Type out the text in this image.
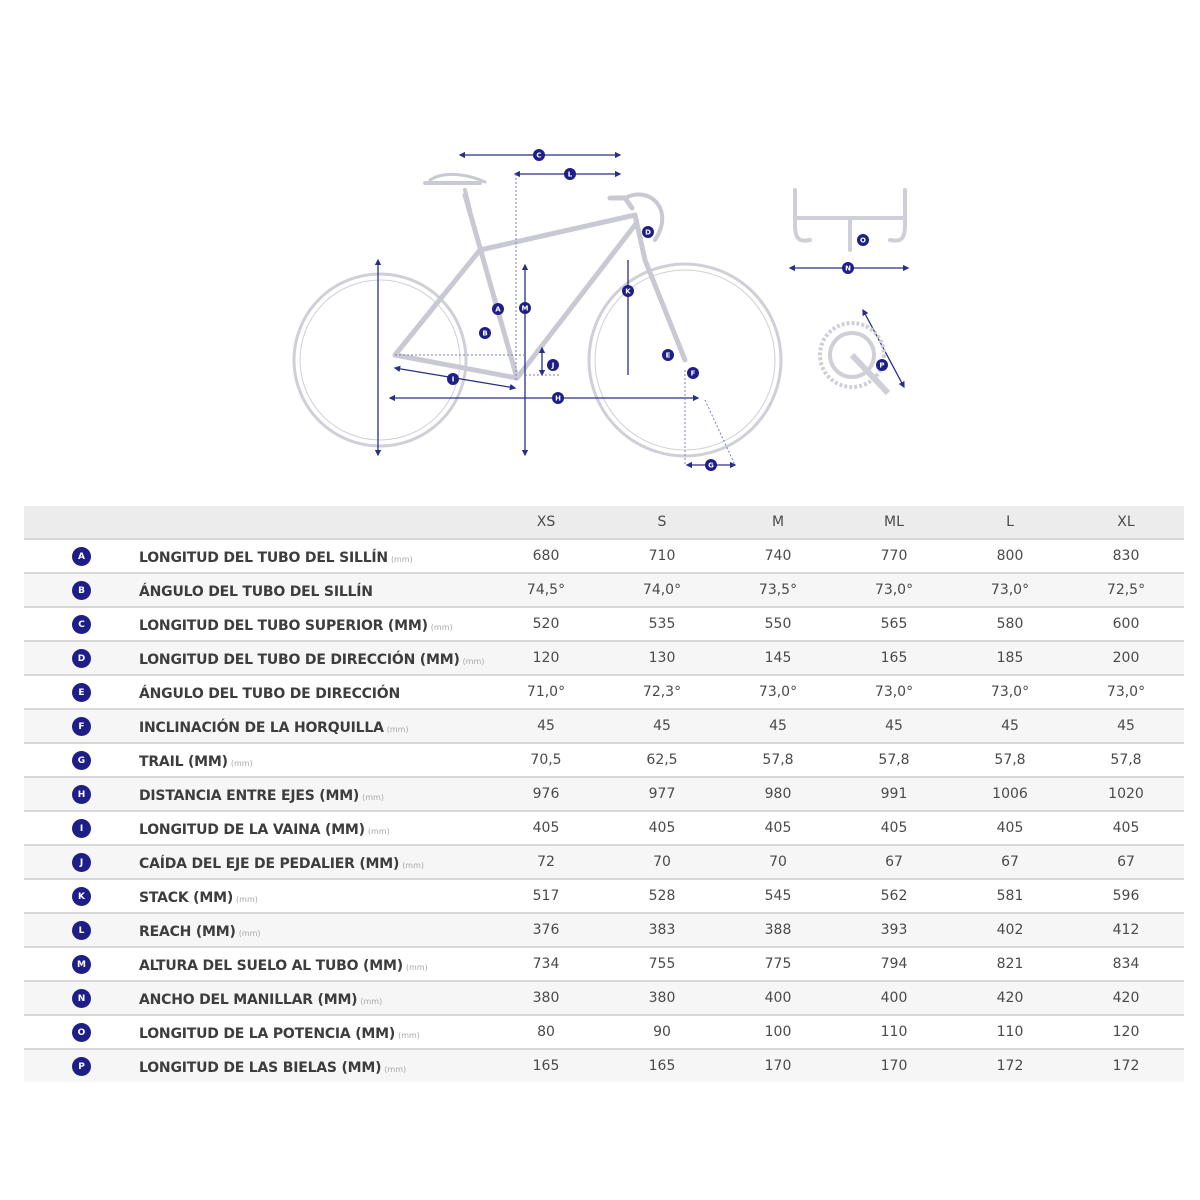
C
L
D
O
N
K
A	M
B
J
E
F
I
H
G
P
		XS	S	M	ML	L	XL
A	LONGITUD DEL TUBO DEL SILLÍN (mm)	680	710	740	770	800	830
B	ÁNGULO DEL TUBO DEL SILLÍN	74,5°	74,0°	73,5°	73,0°	73,0°	72,5°
C	LONGITUD DEL TUBO SUPERIOR (MM) (mm)	520	535	550	565	580	600
D	LONGITUD DEL TUBO DE DIRECCIÓN (MM) (mm)	120	130	145	165	185	200
E	ÁNGULO DEL TUBO DE DIRECCIÓN	71,0°	72,3°	73,0°	73,0°	73,0°	73,0°
F	INCLINACIÓN DE LA HORQUILLA (mm)	45	45	45	45	45	45
G	TRAIL (MM) (mm)	70,5	62,5	57,8	57,8	57,8	57,8
H	DISTANCIA ENTRE EJES (MM) (mm)	976	977	980	991	1006	1020
I	LONGITUD DE LA VAINA (MM) (mm)	405	405	405	405	405	405
J	CAÍDA DEL EJE DE PEDALIER (MM) (mm)	72	70	70	67	67	67
K	STACK (MM) (mm)	517	528	545	562	581	596
L	REACH (MM) (mm)	376	383	388	393	402	412
M	ALTURA DEL SUELO AL TUBO (MM) (mm)	734	755	775	794	821	834
N	ANCHO DEL MANILLAR (MM) (mm)	380	380	400	400	420	420
O	LONGITUD DE LA POTENCIA (MM) (mm)	80	90	100	110	110	120
P	LONGITUD DE LAS BIELAS (MM) (mm)	165	165	170	170	172	172
